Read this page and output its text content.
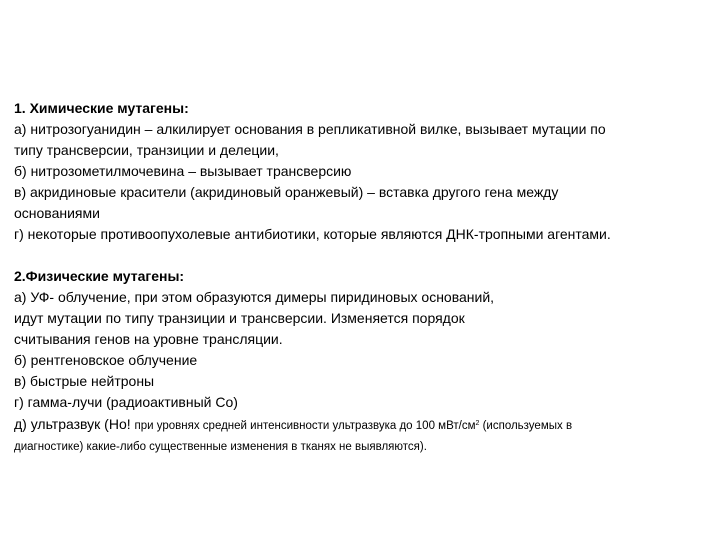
1. Химические мутагены:
а) нитрозогуанидин – алкилирует основания в репликативной вилке, вызывает мутации по
типу трансверсии, транзиции и делеции,
б) нитрозометилмочевина – вызывает трансверсию
в) акридиновые красители (акридиновый оранжевый) – вставка другого гена между
основаниями
г) некоторые противоопухолевые антибиотики, которые являются ДНК-тропными агентами.
2.Физические мутагены:
а) УФ- облучение, при этом образуются димеры пиридиновых оснований,
идут мутации по типу транзиции и трансверсии. Изменяется порядок
считывания генов на уровне трансляции.
б) рентгеновское облучение
в) быстрые нейтроны
г) гамма-лучи (радиоактивный Со)
д) ультразвук (Но! при уровнях средней интенсивности ультразвука до 100 мВт/$см^2$ (используемых в
диагностике) какие-либо существенные изменения в тканях не выявляются).
